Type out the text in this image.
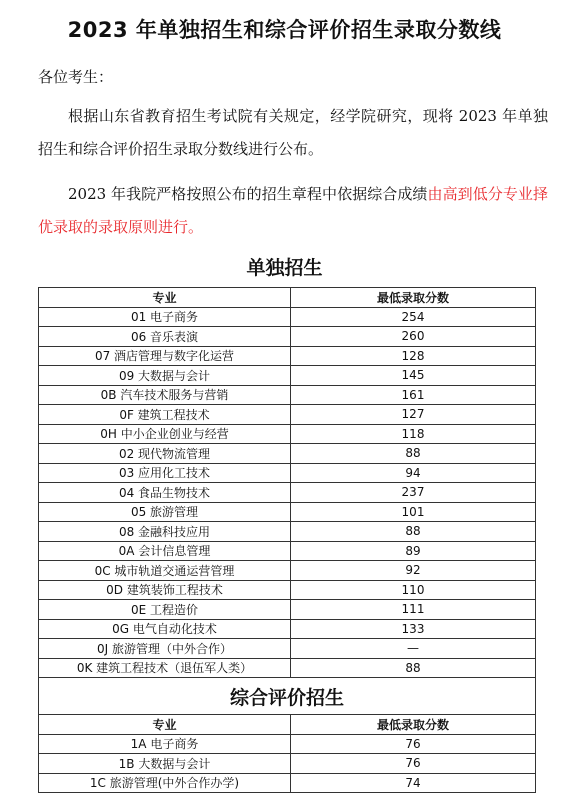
2023 年单独招生和综合评价招生录取分数线
各位考生：
根据山东省教育招生考试院有关规定，经学院研究，现将 2023 年单独招生和综合评价招生录取分数线进行公布。
2023 年我院严格按照公布的招生章程中依据综合成绩由高到低分专业择优录取的录取原则进行。
单独招生
专业	最低录取分数
01 电子商务	254
06 音乐表演	260
07 酒店管理与数字化运营	128
09 大数据与会计	145
0B 汽车技术服务与营销	161
0F 建筑工程技术	127
0H 中小企业创业与经营	118
02 现代物流管理	88
03 应用化工技术	94
04 食品生物技术	237
05 旅游管理	101
08 金融科技应用	88
0A 会计信息管理	89
0C 城市轨道交通运营管理	92
0D 建筑装饰工程技术	110
0E 工程造价	111
0G 电气自动化技术	133
0J 旅游管理（中外合作）	—
0K 建筑工程技术（退伍军人类）	88
综合评价招生	
专业	最低录取分数
1A 电子商务	76
1B 大数据与会计	76
1C 旅游管理(中外合作办学)	74
